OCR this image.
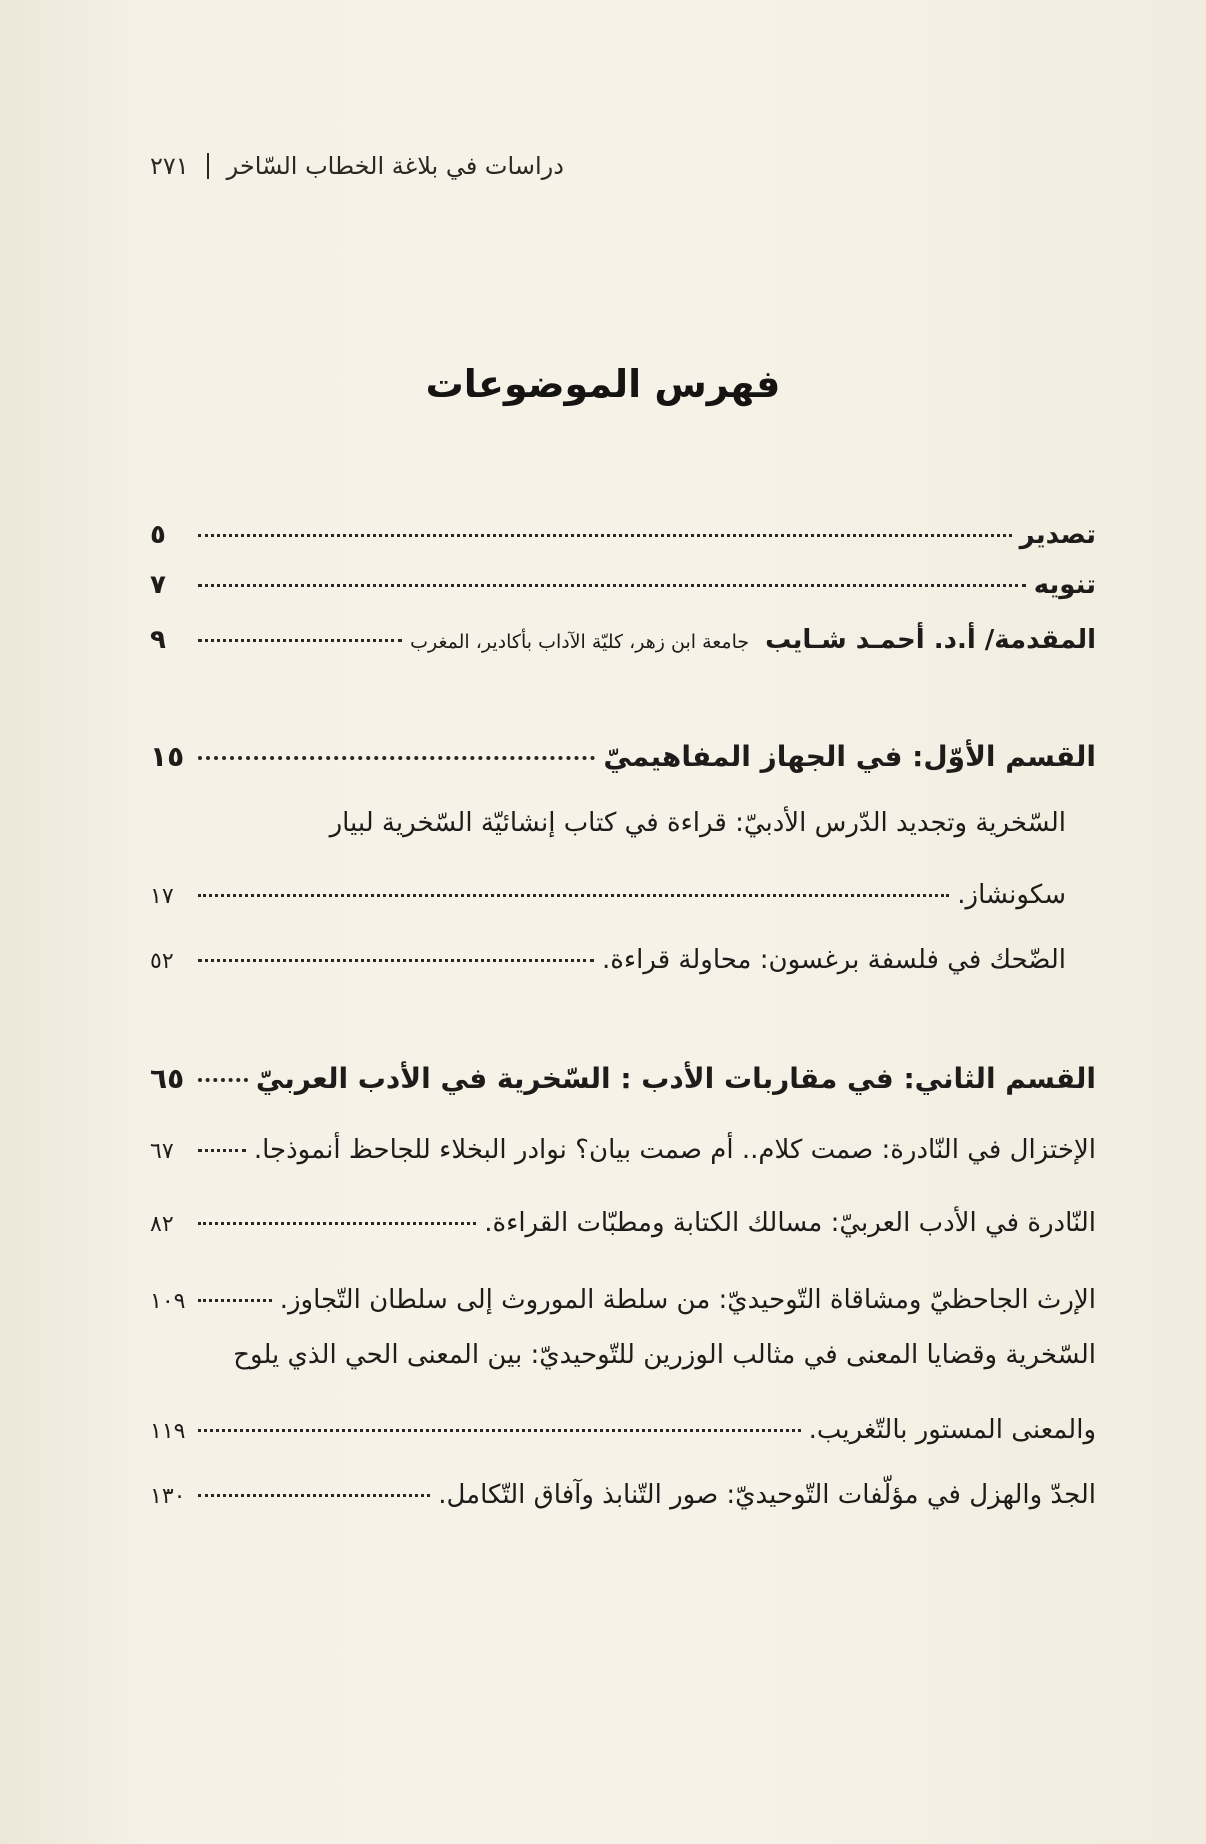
دراسات في بلاغة الخطاب السّاخر
٢٧١
فهرس الموضوعات
تصدير
٥
تنويه
٧
المقدمة/ أ.د. أحمـد شـايب
جامعة ابن زهر، كليّة الآداب بأكادير، المغرب
٩
القسم الأوّل: في الجهاز المفاهيميّ
١٥
السّخرية وتجديد الدّرس الأدبيّ: قراءة في كتاب إنشائيّة السّخرية لبيار
سكونشاز.
١٧
الضّحك في فلسفة برغسون: محاولة قراءة.
٥٢
القسم الثاني: في مقاربات الأدب : السّخرية في الأدب العربيّ
٦٥
الإختزال في النّادرة: صمت كلام.. أم صمت بيان؟ نوادر البخلاء للجاحظ أنموذجا.
٦٧
النّادرة في الأدب العربيّ: مسالك الكتابة ومطبّات القراءة.
٨٢
الإرث الجاحظيّ ومشاقاة التّوحيديّ: من سلطة الموروث إلى سلطان التّجاوز.
١٠٩
السّخرية وقضايا المعنى في مثالب الوزرين للتّوحيديّ: بين المعنى الحي الذي يلوح
والمعنى المستور بالتّغريب.
١١٩
الجدّ والهزل في مؤلّفات التّوحيديّ: صور التّنابذ وآفاق التّكامل.
١٣٠
